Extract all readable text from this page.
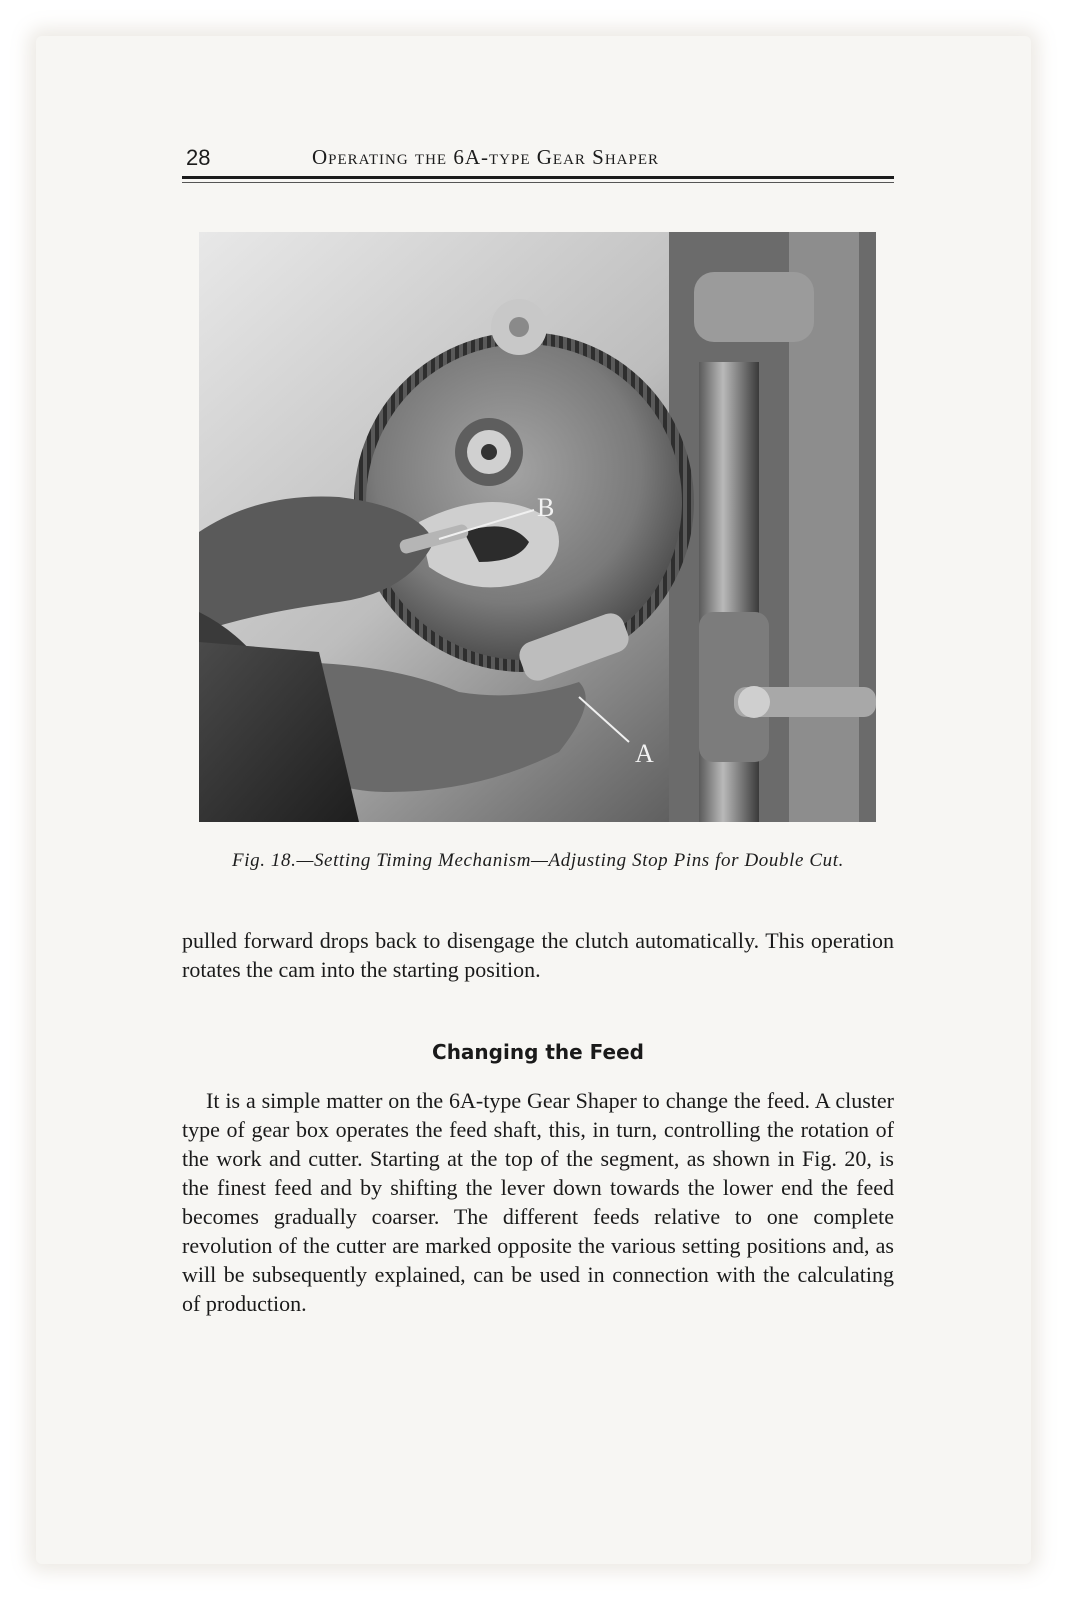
28	Operating the 6A-type Gear Shaper
B
A
Fig. 18.—Setting Timing Mechanism—Adjusting Stop Pins for Double Cut.

pulled forward drops back to disengage the clutch automatically. This operation rotates the cam into the starting position.

Changing the Feed

It is a simple matter on the 6A-type Gear Shaper to change the feed. A cluster type of gear box operates the feed shaft, this, in turn, controlling the rotation of the work and cutter. Starting at the top of the segment, as shown in Fig. 20, is the finest feed and by shifting the lever down towards the lower end the feed becomes gradually coarser. The different feeds relative to one complete revolution of the cutter are marked opposite the various setting positions and, as will be subsequently explained, can be used in connection with the calculating of production.
